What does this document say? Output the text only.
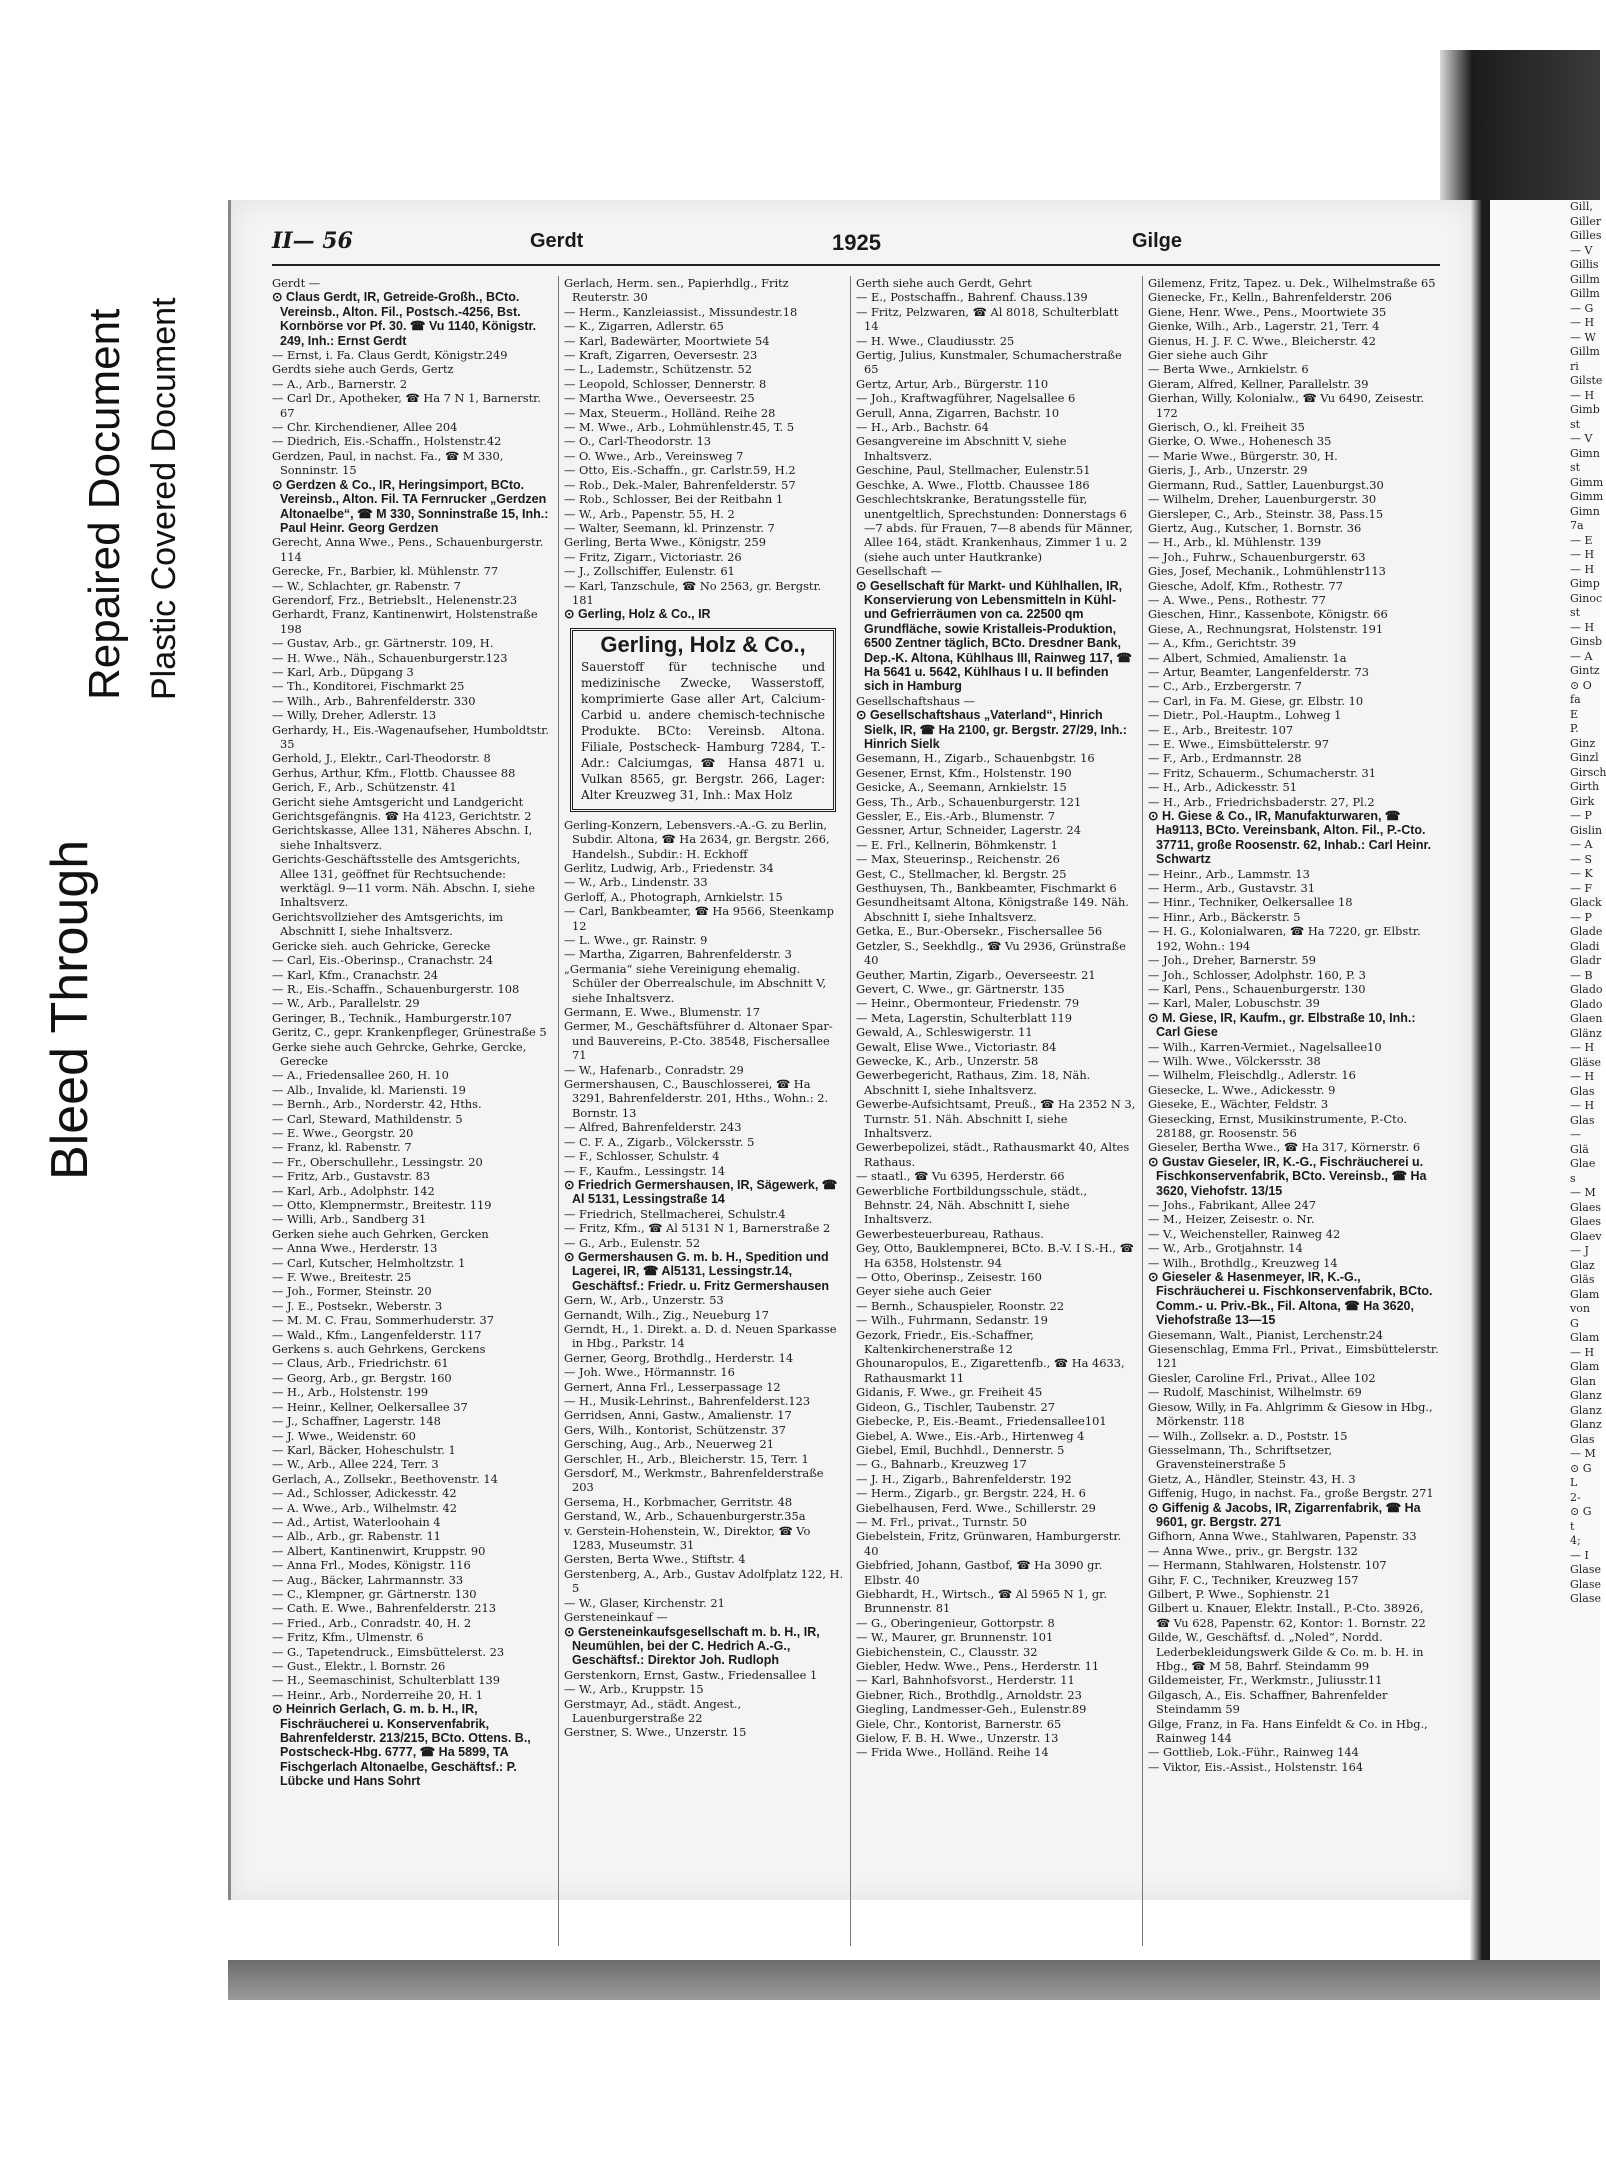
Bleed Through
Repaired Document Plastic Covered Document
Gill,
Giller
Gilles
— V
Gillis
Gillm
Gillm
— G
— H
— W
Gillm
ri
Gilste
— H
Gimb
st
— V
Gimn
st
Gimm
Gimm
Gimn
7a
— E
— H
— H
Gimp
Ginoc
st
— H
Ginsb
— A
Gintz
⊙ O
fa
E
P.
Ginz
Ginzl
Girsch
Girth
Girk
— P
Gislin
— A
— S
— K
— F
Glack
— P
Glade
Gladi
Gladr
— B
Glado
Glado
Glaen
Glänz
— H
Gläse
— H
Glas
— H
Glas
— Glä
Glae
s
— M
Glaes
Glaes
Glaev
— J
Glaz
Gläs
Glam
von G
Glam
— H
Glam
Glan
Glanz
Glanz
Glanz
Glas
— M
⊙ G
L
2-
⊙ G
t
4;
— I
Glase
Glase
Glase
II— 56	Gerdt	1925	Gilge
Gerdt —
⊙ Claus Gerdt, IR, Getreide-Großh., BCto. Vereinsb., Alton. Fil., Postsch.-4256, Bst. Kornbörse vor Pf. 30. ☎ Vu 1140, Königstr. 249, Inh.: Ernst Gerdt
— Ernst, i. Fa. Claus Gerdt, Königstr.249
Gerdts siehe auch Gerds, Gertz
— A., Arb., Barnerstr. 2
— Carl Dr., Apotheker, ☎ Ha 7 N 1, Barnerstr. 67
— Chr. Kirchendiener, Allee 204
— Diedrich, Eis.-Schaffn., Holstenstr.42
Gerdzen, Paul, in nachst. Fa., ☎ M 330, Sonninstr. 15
⊙ Gerdzen & Co., IR, Heringsimport, BCto. Vereinsb., Alton. Fil. TA Fernrucker „Gerdzen Altonaelbe“, ☎ M 330, Sonninstraße 15, Inh.: Paul Heinr. Georg Gerdzen
Gerecht, Anna Wwe., Pens., Schauenburgerstr. 114
Gerecke, Fr., Barbier, kl. Mühlenstr. 77
— W., Schlachter, gr. Rabenstr. 7
Gerendorf, Frz., Betriebslt., Helenenstr.23
Gerhardt, Franz, Kantinenwirt, Holstenstraße 198
— Gustav, Arb., gr. Gärtnerstr. 109, H.
— H. Wwe., Näh., Schauenburgerstr.123
— Karl, Arb., Düpgang 3
— Th., Konditorei, Fischmarkt 25
— Wilh., Arb., Bahrenfelderstr. 330
— Willy, Dreher, Adlerstr. 13
Gerhardy, H., Eis.-Wagenaufseher, Humboldtstr. 35
Gerhold, J., Elektr., Carl-Theodorstr. 8
Gerhus, Arthur, Kfm., Flottb. Chaussee 88
Gerich, F., Arb., Schützenstr. 41
Gericht siehe Amtsgericht und Landgericht
Gerichtsgefängnis. ☎ Ha 4123, Gerichtstr. 2
Gerichtskasse, Allee 131, Näheres Abschn. I, siehe Inhaltsverz.
Gerichts-Geschäftsstelle des Amtsgerichts, Allee 131, geöffnet für Rechtsuchende: werktägl. 9—11 vorm. Näh. Abschn. I, siehe Inhaltsverz.
Gerichtsvollzieher des Amtsgerichts, im Abschnitt I, siehe Inhaltsverz.
Gericke sieh. auch Gehricke, Gerecke
— Carl, Eis.-Oberinsp., Cranachstr. 24
— Karl, Kfm., Cranachstr. 24
— R., Eis.-Schaffn., Schauenburgerstr. 108
— W., Arb., Parallelstr. 29
Geringer, B., Technik., Hamburgerstr.107
Geritz, C., gepr. Krankenpfleger, Grünestraße 5
Gerke siehe auch Gehrcke, Gehrke, Gercke, Gerecke
— A., Friedensallee 260, H. 10
— Alb., Invalide, kl. Mariensti. 19
— Bernh., Arb., Norderstr. 42, Hths.
— Carl, Steward, Mathildenstr. 5
— E. Wwe., Georgstr. 20
— Franz, kl. Rabenstr. 7
— Fr., Oberschullehr., Lessingstr. 20
— Fritz, Arb., Gustavstr. 83
— Karl, Arb., Adolphstr. 142
— Otto, Klempnermstr., Breitestr. 119
— Willi, Arb., Sandberg 31
Gerken siehe auch Gehrken, Gercken
— Anna Wwe., Herderstr. 13
— Carl, Kutscher, Helmholtzstr. 1
— F. Wwe., Breitestr. 25
— Joh., Former, Steinstr. 20
— J. E., Postsekr., Weberstr. 3
— M. M. C. Frau, Sommerhuderstr. 37
— Wald., Kfm., Langenfelderstr. 117
Gerkens s. auch Gehrkens, Gerckens
— Claus, Arb., Friedrichstr. 61
— Georg, Arb., gr. Bergstr. 160
— H., Arb., Holstenstr. 199
— Heinr., Kellner, Oelkersallee 37
— J., Schaffner, Lagerstr. 148
— J. Wwe., Weidenstr. 60
— Karl, Bäcker, Hoheschulstr. 1
— W., Arb., Allee 224, Terr. 3
Gerlach, A., Zollsekr., Beethovenstr. 14
— Ad., Schlosser, Adickesstr. 42
— A. Wwe., Arb., Wilhelmstr. 42
— Ad., Artist, Waterloohain 4
— Alb., Arb., gr. Rabenstr. 11
— Albert, Kantinenwirt, Kruppstr. 90
— Anna Frl., Modes, Königstr. 116
— Aug., Bäcker, Lahrmannstr. 33
— C., Klempner, gr. Gärtnerstr. 130
— Cath. E. Wwe., Bahrenfelderstr. 213
— Fried., Arb., Conradstr. 40, H. 2
— Fritz, Kfm., Ulmenstr. 6
— G., Tapetendruck., Eimsbüttelerst. 23
— Gust., Elektr., l. Bornstr. 26
— H., Seemaschinist, Schulterblatt 139
— Heinr., Arb., Norderreihe 20, H. 1
⊙ Heinrich Gerlach, G. m. b. H., IR, Fischräucherei u. Konservenfabrik, Bahrenfelderstr. 213/215, BCto. Ottens. B., Postscheck-Hbg. 6777, ☎ Ha 5899, TA Fischgerlach Altonaelbe, Geschäftsf.: P. Lübcke und Hans Sohrt
Gerlach, Herm. sen., Papierhdlg., Fritz Reuterstr. 30
— Herm., Kanzleiassist., Missundestr.18
— K., Zigarren, Adlerstr. 65
— Karl, Badewärter, Moortwiete 54
— Kraft, Zigarren, Oeversestr. 23
— L., Lademstr., Schützenstr. 52
— Leopold, Schlosser, Dennerstr. 8
— Martha Wwe., Oeverseestr. 25
— Max, Steuerm., Holländ. Reihe 28
— M. Wwe., Arb., Lohmühlenstr.45, T. 5
— O., Carl-Theodorstr. 13
— O. Wwe., Arb., Vereinsweg 7
— Otto, Eis.-Schaffn., gr. Carlstr.59, H.2
— Rob., Dek.-Maler, Bahrenfelderstr. 57
— Rob., Schlosser, Bei der Reitbahn 1
— W., Arb., Papenstr. 55, H. 2
— Walter, Seemann, kl. Prinzenstr. 7
Gerling, Berta Wwe., Königstr. 259
— Fritz, Zigarr., Victoriastr. 26
— J., Zollschiffer, Eulenstr. 61
— Karl, Tanzschule, ☎ No 2563, gr. Bergstr. 181
⊙ Gerling, Holz & Co., IR
Gerling, Holz & Co.,
Sauerstoff für technische und medizinische Zwecke, Wasserstoff, komprimierte Gase aller Art, Calcium-Carbid u. andere chemisch-technische Produkte. BCto: Vereinsb. Altona. Filiale, Postscheck- Hamburg 7284, T.-Adr.: Calciumgas, ☎ Hansa 4871 u. Vulkan 8565, gr. Bergstr. 266, Lager: Alter Kreuzweg 31, Inh.: Max Holz
Gerling-Konzern, Lebensvers.-A.-G. zu Berlin, Subdir. Altona, ☎ Ha 2634, gr. Bergstr. 266, Handelsh., Subdir.: H. Eckhoff
Gerlitz, Ludwig, Arb., Friedenstr. 34
— W., Arb., Lindenstr. 33
Gerloff, A., Photograph, Arnkielstr. 15
— Carl, Bankbeamter, ☎ Ha 9566, Steenkamp 12
— L. Wwe., gr. Rainstr. 9
— Martha, Zigarren, Bahrenfelderstr. 3
„Germania“ siehe Vereinigung ehemalig. Schüler der Oberrealschule, im Abschnitt V, siehe Inhaltsverz.
Germann, E. Wwe., Blumenstr. 17
Germer, M., Geschäftsführer d. Altonaer Spar- und Bauvereins, P.-Cto. 38548, Fischersallee 71
— W., Hafenarb., Conradstr. 29
Germershausen, C., Bauschlosserei, ☎ Ha 3291, Bahrenfelderstr. 201, Hths., Wohn.: 2. Bornstr. 13
— Alfred, Bahrenfelderstr. 243
— C. F. A., Zigarb., Völckersstr. 5
— F., Schlosser, Schulstr. 4
— F., Kaufm., Lessingstr. 14
⊙ Friedrich Germershausen, IR, Sägewerk, ☎ Al 5131, Lessingstraße 14
— Friedrich, Stellmacherei, Schulstr.4
— Fritz, Kfm., ☎ Al 5131 N 1, Barnerstraße 2
— G., Arb., Eulenstr. 52
⊙ Germershausen G. m. b. H., Spedition und Lagerei, IR, ☎ Al5131, Lessingstr.14, Geschäftsf.: Friedr. u. Fritz Germershausen
Gern, W., Arb., Unzerstr. 53
Gernandt, Wilh., Zig., Neueburg 17
Gerndt, H., 1. Direkt. a. D. d. Neuen Sparkasse in Hbg., Parkstr. 14
Gerner, Georg, Brothdlg., Herderstr. 14
— Joh. Wwe., Hörmannstr. 16
Gernert, Anna Frl., Lesserpassage 12
— H., Musik-Lehrinst., Bahrenfelderst.123
Gerridsen, Anni, Gastw., Amalienstr. 17
Gers, Wilh., Kontorist, Schützenstr. 37
Gersching, Aug., Arb., Neuerweg 21
Gerschler, H., Arb., Bleicherstr. 15, Terr. 1
Gersdorf, M., Werkmstr., Bahrenfelderstraße 203
Gersema, H., Korbmacher, Gerritstr. 48
Gerstand, W., Arb., Schauenburgerstr.35a
v. Gerstein-Hohenstein, W., Direktor, ☎ Vo 1283, Museumstr. 31
Gersten, Berta Wwe., Stiftstr. 4
Gerstenberg, A., Arb., Gustav Adolfplatz 122, H. 5
— W., Glaser, Kirchenstr. 21
Gersteneinkauf —
⊙ Gersteneinkaufsgesellschaft m. b. H., IR, Neumühlen, bei der C. Hedrich A.-G., Geschäftsf.: Direktor Joh. Rudloph
Gerstenkorn, Ernst, Gastw., Friedensallee 1
— W., Arb., Kruppstr. 15
Gerstmayr, Ad., städt. Angest., Lauenburgerstraße 22
Gerstner, S. Wwe., Unzerstr. 15
Gerth siehe auch Gerdt, Gehrt
— E., Postschaffn., Bahrenf. Chauss.139
— Fritz, Pelzwaren, ☎ Al 8018, Schulterblatt 14
— H. Wwe., Claudiusstr. 25
Gertig, Julius, Kunstmaler, Schumacherstraße 65
Gertz, Artur, Arb., Bürgerstr. 110
— Joh., Kraftwagführer, Nagelsallee 6
Gerull, Anna, Zigarren, Bachstr. 10
— H., Arb., Bachstr. 64
Gesangvereine im Abschnitt V, siehe Inhaltsverz.
Geschine, Paul, Stellmacher, Eulenstr.51
Geschke, A. Wwe., Flottb. Chaussee 186
Geschlechtskranke, Beratungsstelle für, unentgeltlich, Sprechstunden: Donnerstags 6—7 abds. für Frauen, 7—8 abends für Männer, Allee 164, städt. Krankenhaus, Zimmer 1 u. 2 (siehe auch unter Hautkranke)
Gesellschaft —
⊙ Gesellschaft für Markt- und Kühlhallen, IR, Konservierung von Lebensmitteln in Kühl- und Gefrierräumen von ca. 22500 qm Grundfläche, sowie Kristalleis-Produktion, 6500 Zentner täglich, BCto. Dresdner Bank, Dep.-K. Altona, Kühlhaus III, Rainweg 117, ☎ Ha 5641 u. 5642, Kühlhaus I u. II befinden sich in Hamburg
Gesellschaftshaus —
⊙ Gesellschaftshaus „Vaterland“, Hinrich Sielk, IR, ☎ Ha 2100, gr. Bergstr. 27/29, Inh.: Hinrich Sielk
Gesemann, H., Zigarb., Schauenbgstr. 16
Gesener, Ernst, Kfm., Holstenstr. 190
Gesicke, A., Seemann, Arnkielstr. 15
Gess, Th., Arb., Schauenburgerstr. 121
Gessler, E., Eis.-Arb., Blumenstr. 7
Gessner, Artur, Schneider, Lagerstr. 24
— E. Frl., Kellnerin, Böhmkenstr. 1
— Max, Steuerinsp., Reichenstr. 26
Gest, C., Stellmacher, kl. Bergstr. 25
Gesthuysen, Th., Bankbeamter, Fischmarkt 6
Gesundheitsamt Altona, Königstraße 149. Näh. Abschnitt I, siehe Inhaltsverz.
Getka, E., Bur.-Obersekr., Fischersallee 56
Getzler, S., Seekhdlg., ☎ Vu 2936, Grünstraße 40
Geuther, Martin, Zigarb., Oeverseestr. 21
Gevert, C. Wwe., gr. Gärtnerstr. 135
— Heinr., Obermonteur, Friedenstr. 79
— Meta, Lagerstin, Schulterblatt 119
Gewald, A., Schleswigerstr. 11
Gewalt, Elise Wwe., Victoriastr. 84
Gewecke, K., Arb., Unzerstr. 58
Gewerbegericht, Rathaus, Zim. 18, Näh. Abschnitt I, siehe Inhaltsverz.
Gewerbe-Aufsichtsamt, Preuß., ☎ Ha 2352 N 3, Turnstr. 51. Näh. Abschnitt I, siehe Inhaltsverz.
Gewerbepolizei, städt., Rathausmarkt 40, Altes Rathaus.
— staatl., ☎ Vu 6395, Herderstr. 66
Gewerbliche Fortbildungsschule, städt., Behnstr. 24, Näh. Abschnitt I, siehe Inhaltsverz.
Gewerbesteuerbureau, Rathaus.
Gey, Otto, Bauklempnerei, BCto. B.-V. I S.-H., ☎ Ha 6358, Holstenstr. 94
— Otto, Oberinsp., Zeisestr. 160
Geyer siehe auch Geier
— Bernh., Schauspieler, Roonstr. 22
— Wilh., Fuhrmann, Sedanstr. 19
Gezork, Friedr., Eis.-Schaffner, Kaltenkirchenerstraße 12
Ghounaropulos, E., Zigarettenfb., ☎ Ha 4633, Rathausmarkt 11
Gidanis, F. Wwe., gr. Freiheit 45
Gideon, G., Tischler, Taubenstr. 27
Giebecke, P., Eis.-Beamt., Friedensallee101
Giebel, A. Wwe., Eis.-Arb., Hirtenweg 4
Giebel, Emil, Buchhdl., Dennerstr. 5
— G., Bahnarb., Kreuzweg 17
— J. H., Zigarb., Bahrenfelderstr. 192
— Herm., Zigarb., gr. Bergstr. 224, H. 6
Giebelhausen, Ferd. Wwe., Schillerstr. 29
— M. Frl., privat., Turnstr. 50
Giebelstein, Fritz, Grünwaren, Hamburgerstr. 40
Giebfried, Johann, Gastbof, ☎ Ha 3090 gr. Elbstr. 40
Giebhardt, H., Wirtsch., ☎ Al 5965 N 1, gr. Brunnenstr. 81
— G., Oberingenieur, Gottorpstr. 8
— W., Maurer, gr. Brunnenstr. 101
Giebichenstein, C., Clausstr. 32
Giebler, Hedw. Wwe., Pens., Herderstr. 11
— Karl, Bahnhofsvorst., Herderstr. 11
Giebner, Rich., Brothdlg., Arnoldstr. 23
Giegling, Landmesser-Geh., Eulenstr.89
Giele, Chr., Kontorist, Barnerstr. 65
Gielow, F. B. H. Wwe., Unzerstr. 13
— Frida Wwe., Holländ. Reihe 14
Gilemenz, Fritz, Tapez. u. Dek., Wilhelmstraße 65
Gienecke, Fr., Kelln., Bahrenfelderstr. 206
Giene, Henr. Wwe., Pens., Moortwiete 35
Gienke, Wilh., Arb., Lagerstr. 21, Terr. 4
Gienus, H. J. F. C. Wwe., Bleicherstr. 42
Gier siehe auch Gihr
— Berta Wwe., Arnkielstr. 6
Gieram, Alfred, Kellner, Parallelstr. 39
Gierhan, Willy, Kolonialw., ☎ Vu 6490, Zeisestr. 172
Gierisch, O., kl. Freiheit 35
Gierke, O. Wwe., Hohenesch 35
— Marie Wwe., Bürgerstr. 30, H.
Gieris, J., Arb., Unzerstr. 29
Giermann, Rud., Sattler, Lauenburgst.30
— Wilhelm, Dreher, Lauenburgerstr. 30
Giersleper, C., Arb., Steinstr. 38, Pass.15
Giertz, Aug., Kutscher, 1. Bornstr. 36
— H., Arb., kl. Mühlenstr. 139
— Joh., Fuhrw., Schauenburgerstr. 63
Gies, Josef, Mechanik., Lohmühlenstr113
Giesche, Adolf, Kfm., Rothestr. 77
— A. Wwe., Pens., Rothestr. 77
Gieschen, Hinr., Kassenbote, Königstr. 66
Giese, A., Rechnungsrat, Holstenstr. 191
— A., Kfm., Gerichtstr. 39
— Albert, Schmied, Amalienstr. 1a
— Artur, Beamter, Langenfelderstr. 73
— C., Arb., Erzbergerstr. 7
— Carl, in Fa. M. Giese, gr. Elbstr. 10
— Dietr., Pol.-Hauptm., Lohweg 1
— E., Arb., Breitestr. 107
— E. Wwe., Eimsbüttelerstr. 97
— F., Arb., Erdmannstr. 28
— Fritz, Schauerm., Schumacherstr. 31
— H., Arb., Adickesstr. 51
— H., Arb., Friedrichsbaderstr. 27, Pl.2
⊙ H. Giese & Co., IR, Manufakturwaren, ☎ Ha9113, BCto. Vereinsbank, Alton. Fil., P.-Cto. 37711, große Roosenstr. 62, Inhab.: Carl Heinr. Schwartz
— Heinr., Arb., Lammstr. 13
— Herm., Arb., Gustavstr. 31
— Hinr., Techniker, Oelkersallee 18
— Hinr., Arb., Bäckerstr. 5
— H. G., Kolonialwaren, ☎ Ha 7220, gr. Elbstr. 192, Wohn.: 194
— Joh., Dreher, Barnerstr. 59
— Joh., Schlosser, Adolphstr. 160, P. 3
— Karl, Pens., Schauenburgerstr. 130
— Karl, Maler, Lobuschstr. 39
⊙ M. Giese, IR, Kaufm., gr. Elbstraße 10, Inh.: Carl Giese
— Wilh., Karren-Vermiet., Nagelsallee10
— Wilh. Wwe., Völckersstr. 38
— Wilhelm, Fleischdlg., Adlerstr. 16
Giesecke, L. Wwe., Adickesstr. 9
Gieseke, E., Wächter, Feldstr. 3
Giesecking, Ernst, Musikinstrumente, P.-Cto. 28188, gr. Roosenstr. 56
Gieseler, Bertha Wwe., ☎ Ha 317, Körnerstr. 6
⊙ Gustav Gieseler, IR, K.-G., Fischräucherei u. Fischkonservenfabrik, BCto. Vereinsb., ☎ Ha 3620, Viehofstr. 13/15
— Johs., Fabrikant, Allee 247
— M., Heizer, Zeisestr. o. Nr.
— V., Weichensteller, Rainweg 42
— W., Arb., Grotjahnstr. 14
— Wilh., Brothdlg., Kreuzweg 14
⊙ Gieseler & Hasenmeyer, IR, K.-G., Fischräucherei u. Fischkonservenfabrik, BCto. Comm.- u. Priv.-Bk., Fil. Altona, ☎ Ha 3620, Viehofstraße 13—15
Giesemann, Walt., Pianist, Lerchenstr.24
Giesenschlag, Emma Frl., Privat., Eimsbüttelerstr. 121
Giesler, Caroline Frl., Privat., Allee 102
— Rudolf, Maschinist, Wilhelmstr. 69
Giesow, Willy, in Fa. Ahlgrimm & Giesow in Hbg., Mörkenstr. 118
— Wilh., Zollsekr. a. D., Poststr. 15
Giesselmann, Th., Schriftsetzer, Gravensteinerstraße 5
Gietz, A., Händler, Steinstr. 43, H. 3
Giffenig, Hugo, in nachst. Fa., große Bergstr. 271
⊙ Giffenig & Jacobs, IR, Zigarrenfabrik, ☎ Ha 9601, gr. Bergstr. 271
Gifhorn, Anna Wwe., Stahlwaren, Papenstr. 33
— Anna Wwe., priv., gr. Bergstr. 132
— Hermann, Stahlwaren, Holstenstr. 107
Gihr, F. C., Techniker, Kreuzweg 157
Gilbert, P. Wwe., Sophienstr. 21
Gilbert u. Knauer, Elektr. Install., P.-Cto. 38926, ☎ Vu 628, Papenstr. 62, Kontor: 1. Bornstr. 22
Gilde, W., Geschäftsf. d. „Noled“, Nordd. Lederbekleidungswerk Gilde & Co. m. b. H. in Hbg., ☎ M 58, Bahrf. Steindamm 99
Gildemeister, Fr., Werkmstr., Juliusstr.11
Gilgasch, A., Eis. Schaffner, Bahrenfelder Steindamm 59
Gilge, Franz, in Fa. Hans Einfeldt & Co. in Hbg., Rainweg 144
— Gottlieb, Lok.-Führ., Rainweg 144
— Viktor, Eis.-Assist., Holstenstr. 164
